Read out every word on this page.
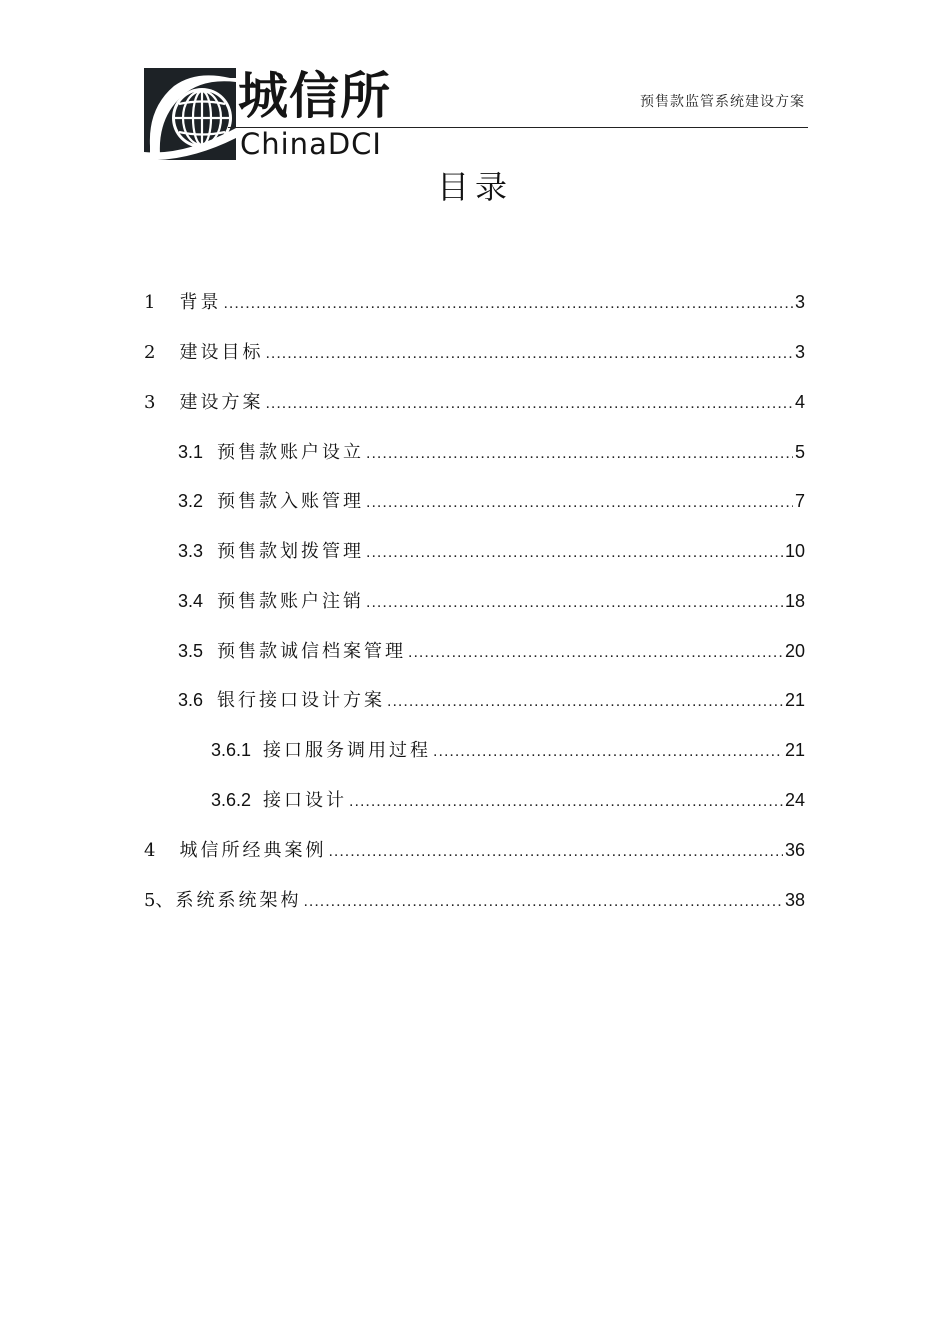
城信所
ChinaDCI
预售款监管系统建设方案
目录
1 背景 .....	3
2 建设目标 .....	3
3 建设方案 .....	4
3.1 预售款账户设立 .....	5
3.2 预售款入账管理 .....	7
3.3 预售款划拨管理 .....	10
3.4 预售款账户注销 .....	18
3.5 预售款诚信档案管理 .....	20
3.6 银行接口设计方案 .....	21
3.6.1 接口服务调用过程 .....	21
3.6.2 接口设计 .....	24
4 城信所经典案例 .....	36
5、 系统系统架构 .....	38
